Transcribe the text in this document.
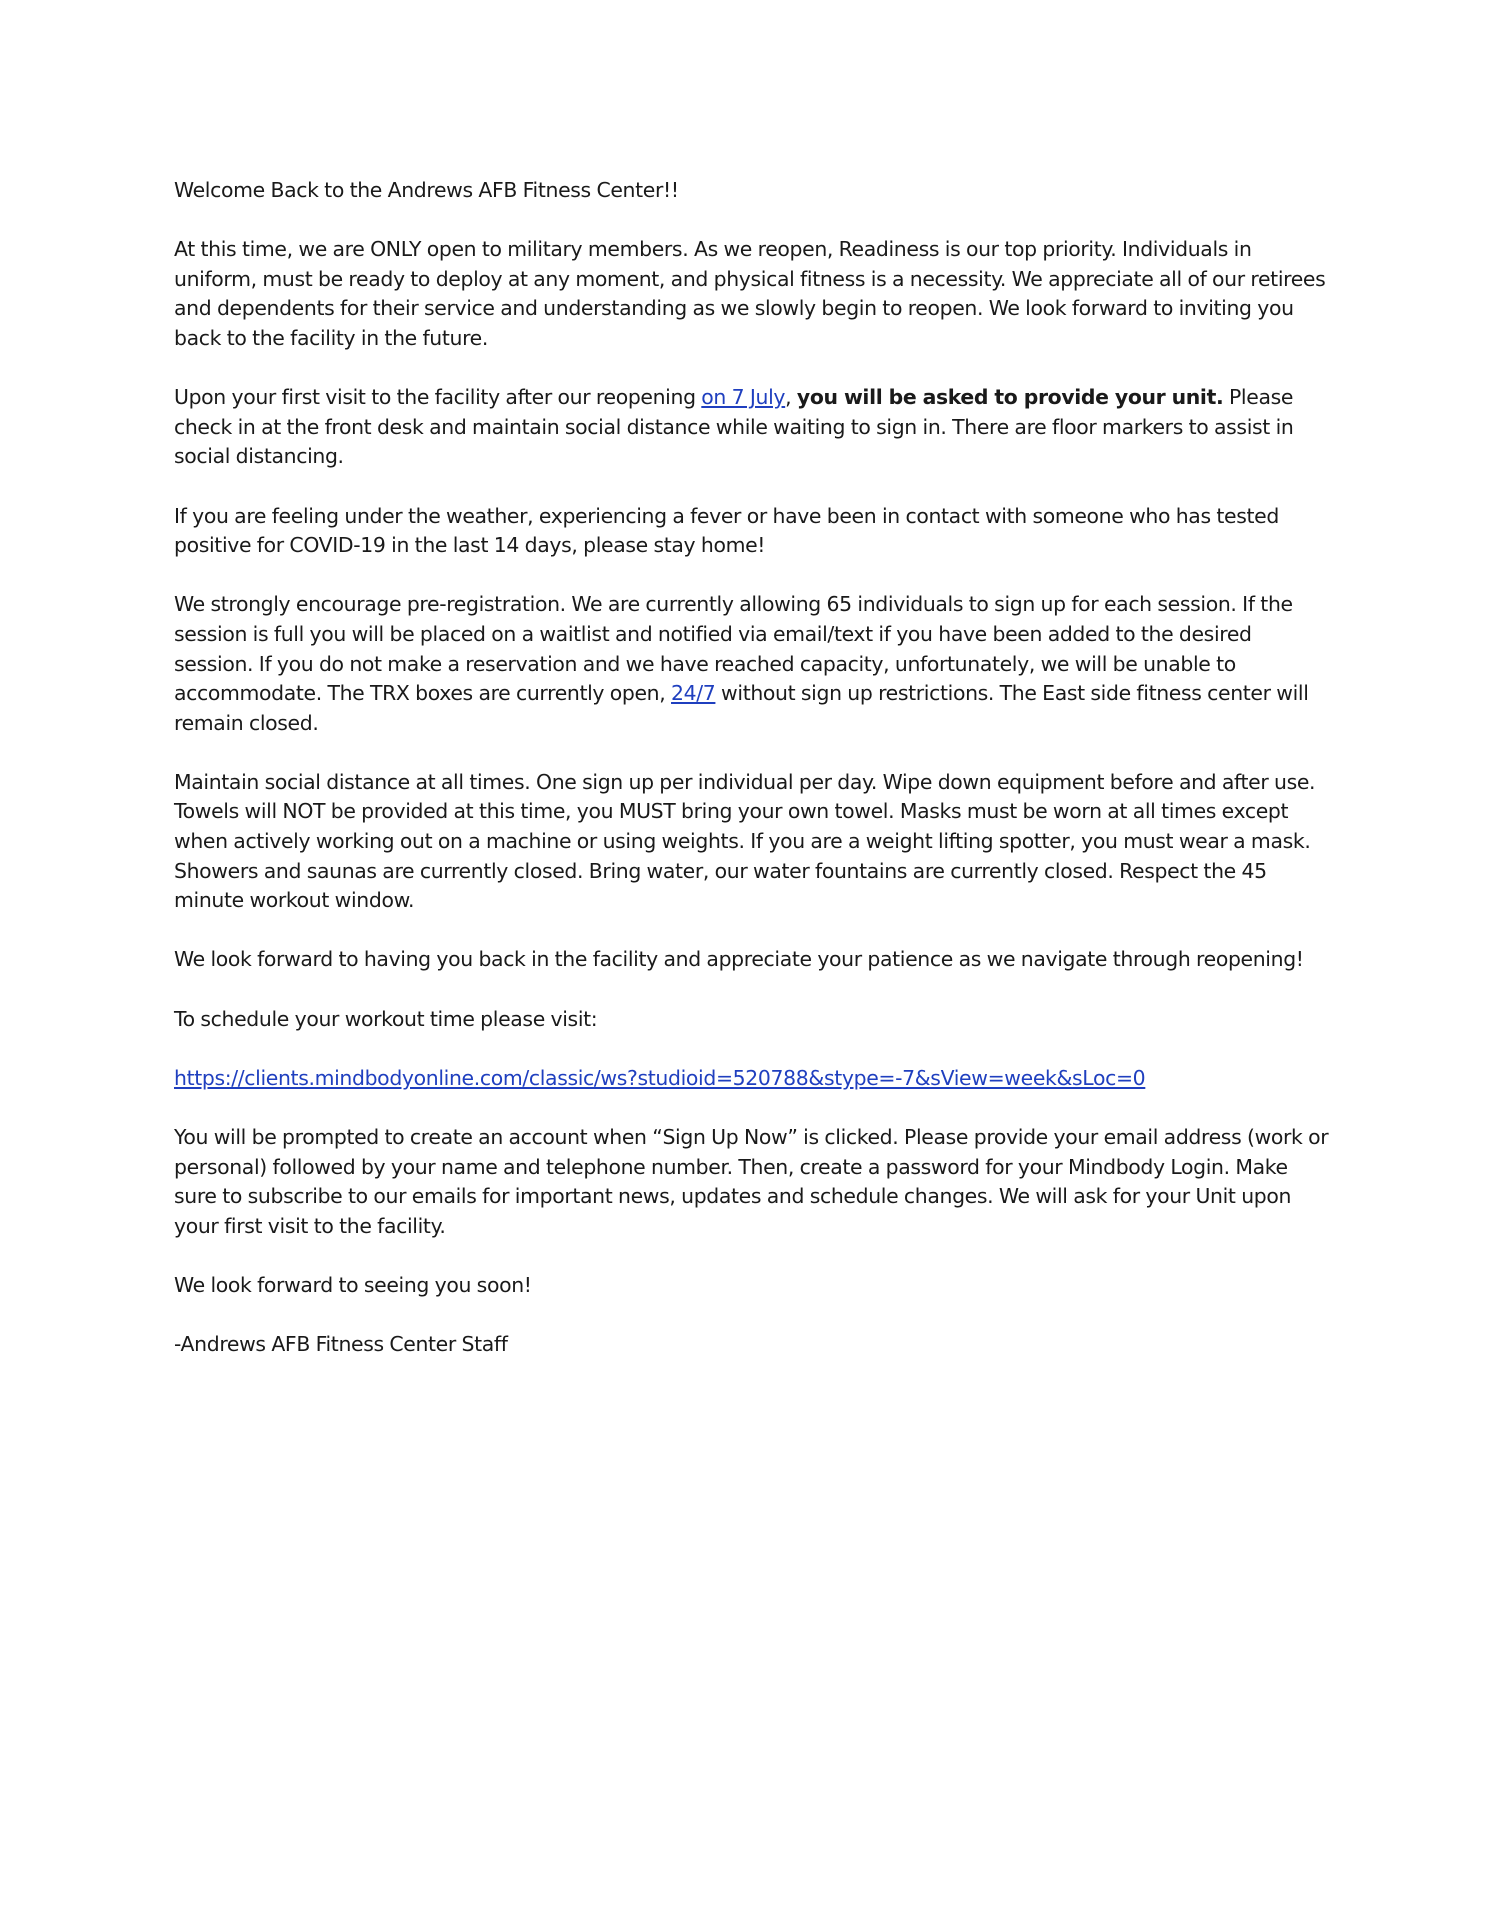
Welcome Back to the Andrews AFB Fitness Center!!

At this time, we are ONLY open to military members. As we reopen, Readiness is our top priority. Individuals in uniform, must be ready to deploy at any moment, and physical fitness is a necessity. We appreciate all of our retirees and dependents for their service and understanding as we slowly begin to reopen. We look forward to inviting you back to the facility in the future.

Upon your first visit to the facility after our reopening on 7 July, you will be asked to provide your unit. Please check in at the front desk and maintain social distance while waiting to sign in. There are floor markers to assist in social distancing.

If you are feeling under the weather, experiencing a fever or have been in contact with someone who has tested positive for COVID-19 in the last 14 days, please stay home!

We strongly encourage pre-registration. We are currently allowing 65 individuals to sign up for each session. If the session is full you will be placed on a waitlist and notified via email/text if you have been added to the desired session. If you do not make a reservation and we have reached capacity, unfortunately, we will be unable to accommodate. The TRX boxes are currently open, 24/7 without sign up restrictions. The East side fitness center will remain closed.

Maintain social distance at all times. One sign up per individual per day. Wipe down equipment before and after use. Towels will NOT be provided at this time, you MUST bring your own towel. Masks must be worn at all times except when actively working out on a machine or using weights. If you are a weight lifting spotter, you must wear a mask. Showers and saunas are currently closed. Bring water, our water fountains are currently closed. Respect the 45 minute workout window.

We look forward to having you back in the facility and appreciate your patience as we navigate through reopening!

To schedule your workout time please visit:

https://clients.mindbodyonline.com/classic/ws?studioid=520788&stype=-7&sView=week&sLoc=0

You will be prompted to create an account when “Sign Up Now” is clicked. Please provide your email address (work or personal) followed by your name and telephone number. Then, create a password for your Mindbody Login. Make sure to subscribe to our emails for important news, updates and schedule changes. We will ask for your Unit upon your first visit to the facility.

We look forward to seeing you soon!

-Andrews AFB Fitness Center Staff
